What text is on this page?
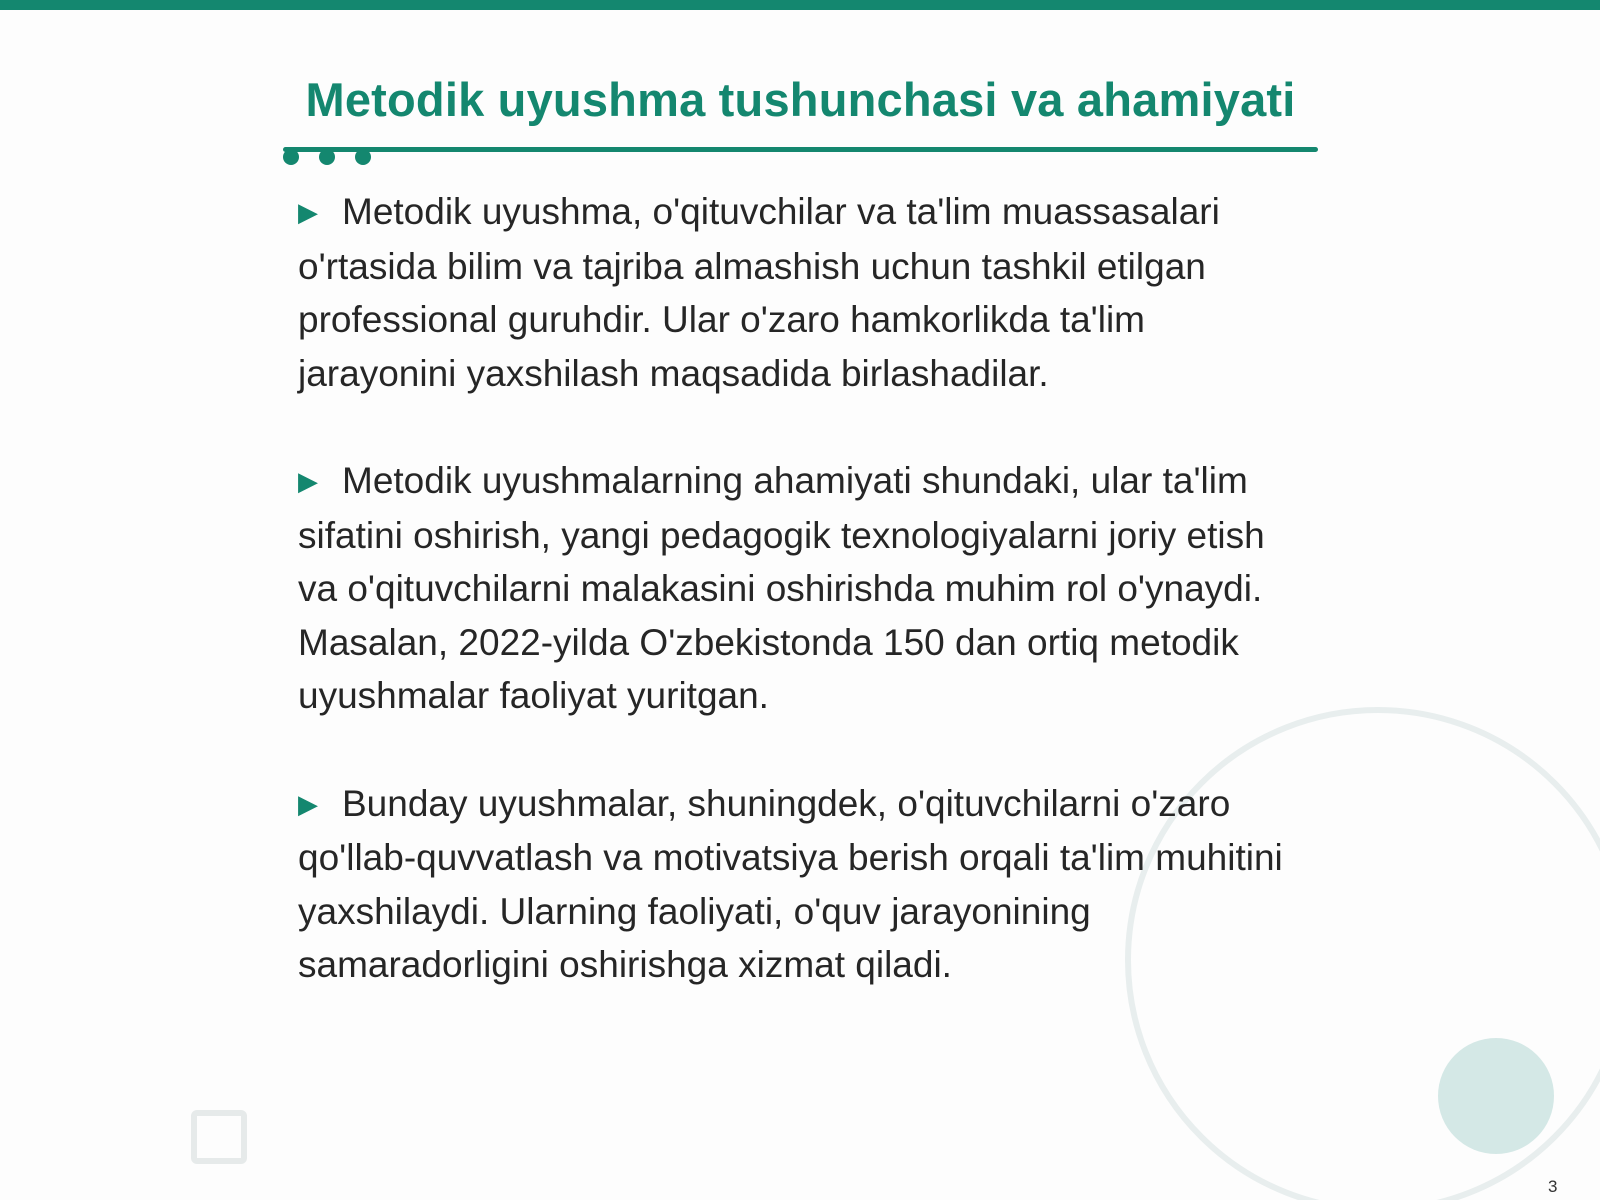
Metodik uyushma tushunchasi va ahamiyati

▶ Metodik uyushma, o'qituvchilar va ta'lim muassasalari o'rtasida bilim va tajriba almashish uchun tashkil etilgan professional guruhdir. Ular o'zaro hamkorlikda ta'lim jarayonini yaxshilash maqsadida birlashadilar.

▶ Metodik uyushmalarning ahamiyati shundaki, ular ta'lim sifatini oshirish, yangi pedagogik texnologiyalarni joriy etish va o'qituvchilarni malakasini oshirishda muhim rol o'ynaydi. Masalan, 2022-yilda O'zbekistonda 150 dan ortiq metodik uyushmalar faoliyat yuritgan.

▶ Bunday uyushmalar, shuningdek, o'qituvchilarni o'zaro qo'llab-quvvatlash va motivatsiya berish orqali ta'lim muhitini yaxshilaydi. Ularning faoliyati, o'quv jarayonining samaradorligini oshirishga xizmat qiladi.

3
